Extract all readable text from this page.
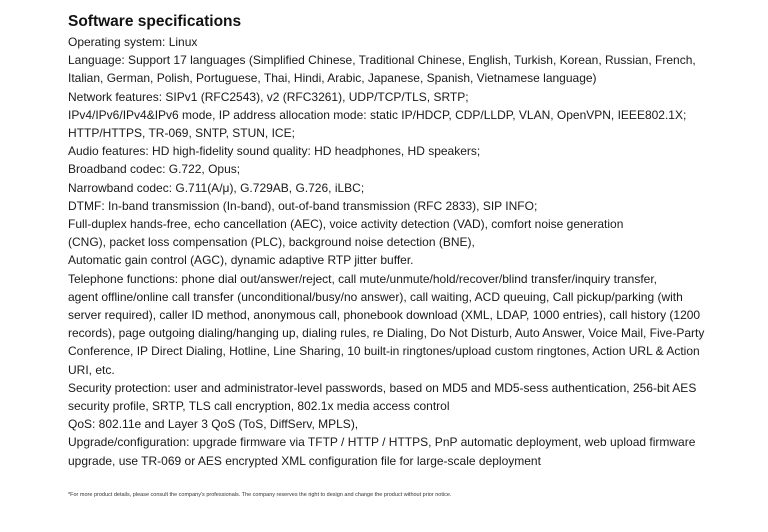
Software specifications
Operating system: Linux
Language: Support 17 languages (Simplified Chinese, Traditional Chinese, English, Turkish, Korean, Russian, French,
Italian, German, Polish, Portuguese, Thai, Hindi, Arabic, Japanese, Spanish, Vietnamese language)
Network features: SIPv1 (RFC2543), v2 (RFC3261), UDP/TCP/TLS, SRTP;
IPv4/IPv6/IPv4&IPv6 mode, IP address allocation mode: static IP/HDCP, CDP/LLDP, VLAN, OpenVPN, IEEE802.1X;
HTTP/HTTPS, TR-069, SNTP, STUN, ICE;
Audio features: HD high-fidelity sound quality: HD headphones, HD speakers;
Broadband codec: G.722, Opus;
Narrowband codec: G.711(A/μ), G.729AB, G.726, iLBC;
DTMF: In-band transmission (In-band), out-of-band transmission (RFC 2833), SIP INFO;
Full-duplex hands-free, echo cancellation (AEC), voice activity detection (VAD), comfort noise generation
(CNG), packet loss compensation (PLC), background noise detection (BNE),
Automatic gain control (AGC), dynamic adaptive RTP jitter buffer.
Telephone functions: phone dial out/answer/reject, call mute/unmute/hold/recover/blind transfer/inquiry transfer,
agent offline/online call transfer (unconditional/busy/no answer), call waiting, ACD queuing, Call pickup/parking (with
server required), caller ID method, anonymous call, phonebook download (XML, LDAP, 1000 entries), call history (1200
records), page outgoing dialing/hanging up, dialing rules, re Dialing, Do Not Disturb, Auto Answer, Voice Mail, Five-Party
Conference, IP Direct Dialing, Hotline, Line Sharing, 10 built-in ringtones/upload custom ringtones, Action URL & Action
URI, etc.
Security protection: user and administrator-level passwords, based on MD5 and MD5-sess authentication, 256-bit AES
security profile, SRTP, TLS call encryption, 802.1x media access control
QoS: 802.11e and Layer 3 QoS (ToS, DiffServ, MPLS),
Upgrade/configuration: upgrade firmware via TFTP / HTTP / HTTPS, PnP automatic deployment, web upload firmware
upgrade, use TR-069 or AES encrypted XML configuration file for large-scale deployment
*For more product details, please consult the company's professionals. The company reserves the right to design and change the product without prior notice.
